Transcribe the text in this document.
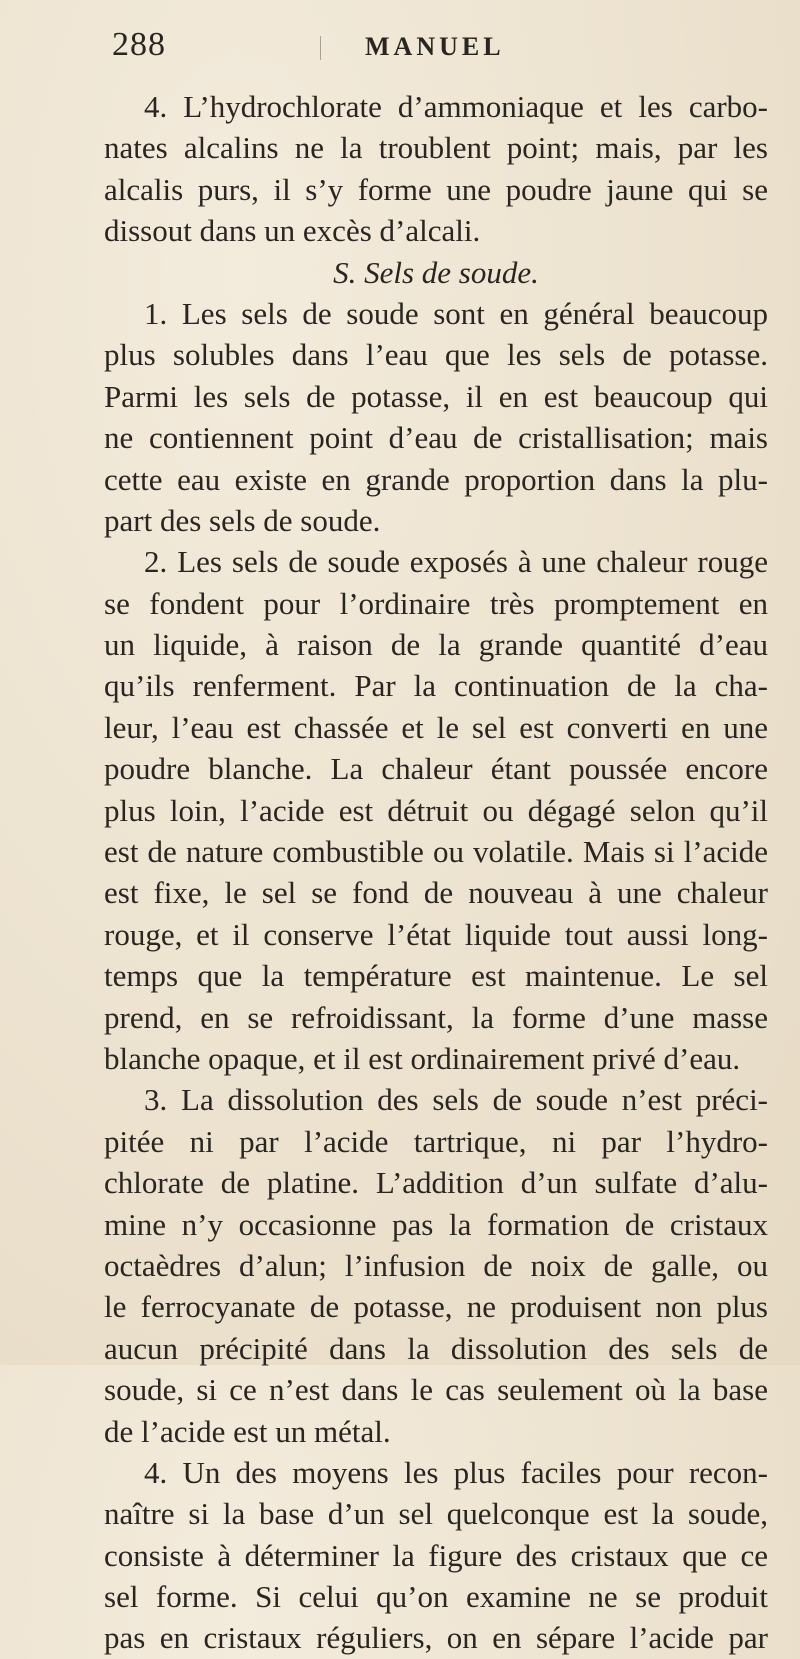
288	MANUEL
4. L’hydrochlorate d’ammoniaque et les carbo-
nates alcalins ne la troublent point; mais, par les
alcalis purs, il s’y forme une poudre jaune qui se
dissout dans un excès d’alcali.
S. Sels de soude.
1. Les sels de soude sont en général beaucoup
plus solubles dans l’eau que les sels de potasse.
Parmi les sels de potasse, il en est beaucoup qui
ne contiennent point d’eau de cristallisation; mais
cette eau existe en grande proportion dans la plu-
part des sels de soude.
2. Les sels de soude exposés à une chaleur rouge
se fondent pour l’ordinaire très promptement en
un liquide, à raison de la grande quantité d’eau
qu’ils renferment. Par la continuation de la cha-
leur, l’eau est chassée et le sel est converti en une
poudre blanche. La chaleur étant poussée encore
plus loin, l’acide est détruit ou dégagé selon qu’il
est de nature combustible ou volatile. Mais si l’acide
est fixe, le sel se fond de nouveau à une chaleur
rouge, et il conserve l’état liquide tout aussi long-
temps que la température est maintenue. Le sel
prend, en se refroidissant, la forme d’une masse
blanche opaque, et il est ordinairement privé d’eau.
3. La dissolution des sels de soude n’est préci-
pitée ni par l’acide tartrique, ni par l’hydro-
chlorate de platine. L’addition d’un sulfate d’alu-
mine n’y occasionne pas la formation de cristaux
octaèdres d’alun; l’infusion de noix de galle, ou
le ferrocyanate de potasse, ne produisent non plus
aucun précipité dans la dissolution des sels de
soude, si ce n’est dans le cas seulement où la base
de l’acide est un métal.
4. Un des moyens les plus faciles pour recon-
naître si la base d’un sel quelconque est la soude,
consiste à déterminer la figure des cristaux que ce
sel forme. Si celui qu’on examine ne se produit
pas en cristaux réguliers, on en sépare l’acide par
